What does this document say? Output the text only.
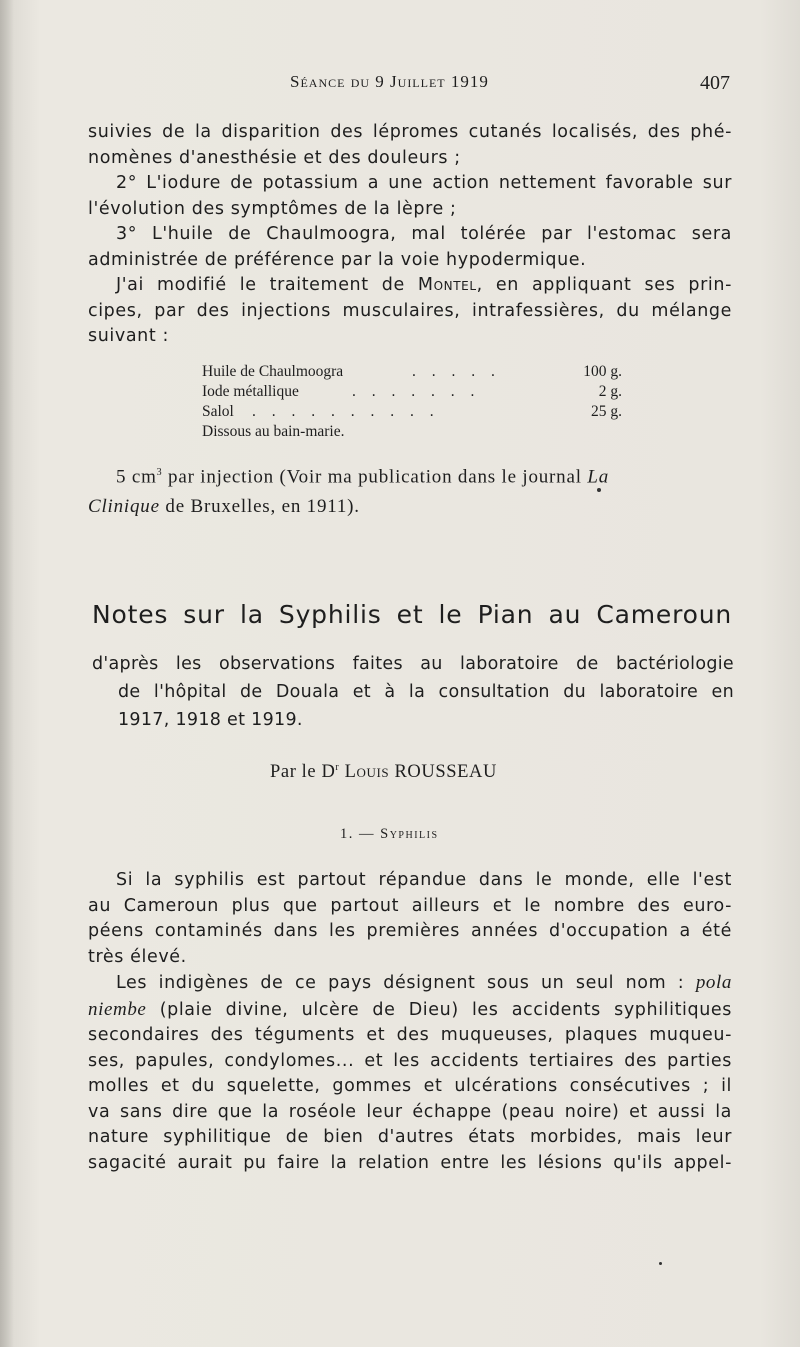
Séance du 9 Juillet 1919	407
suivies de la disparition des lépromes cutanés localisés, des phé-
nomènes d'anesthésie et des douleurs ;
2° L'iodure de potassium a une action nettement favorable sur
l'évolution des symptômes de la lèpre ;
3° L'huile de Chaulmoogra, mal tolérée par l'estomac sera
administrée de préférence par la voie hypodermique.
J'ai modifié le traitement de Montel, en appliquant ses prin-
cipes, par des injections musculaires, intrafessières, du mélange
suivant :
Huile de Chaulmoogra	. . . . .	100 g.
Iode métallique	. . . . . . .	2 g.
Salol . . . . . . . . . .	25 g.
Dissous au bain-marie.
5 $cm^3$ par injection (Voir ma publication dans le journal La
Clinique de Bruxelles, en 1911).
Notes sur la Syphilis et le Pian au Cameroun
d'après les observations faites au laboratoire de bactériologie
de l'hôpital de Douala et à la consultation du laboratoire en
1917, 1918 et 1919.
Par le $D^r$ Louis ROUSSEAU
1. — Syphilis
Si la syphilis est partout répandue dans le monde, elle l'est
au Cameroun plus que partout ailleurs et le nombre des euro-
péens contaminés dans les premières années d'occupation a été
très élevé.
Les indigènes de ce pays désignent sous un seul nom : pola
niembe (plaie divine, ulcère de Dieu) les accidents syphilitiques
secondaires des téguments et des muqueuses, plaques muqueu-
ses, papules, condylomes... et les accidents tertiaires des parties
molles et du squelette, gommes et ulcérations consécutives ; il
va sans dire que la roséole leur échappe (peau noire) et aussi la
nature syphilitique de bien d'autres états morbides, mais leur
sagacité aurait pu faire la relation entre les lésions qu'ils appel-
